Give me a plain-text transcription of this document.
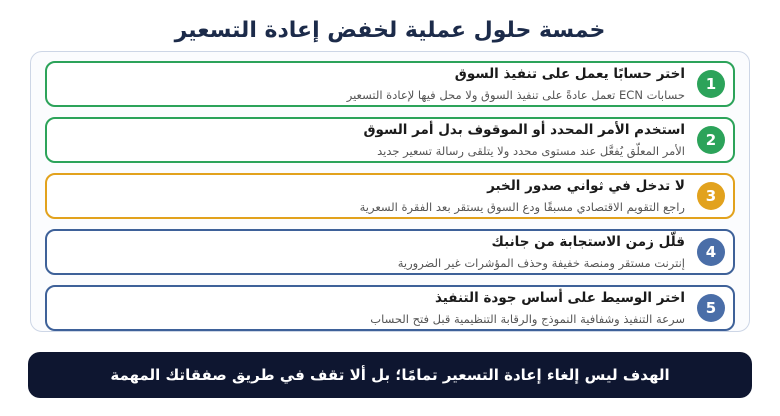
خمسة حلول عملية لخفض إعادة التسعير
1
اختر حسابًا يعمل على تنفيذ السوق
حسابات ECN تعمل عادةً على تنفيذ السوق ولا محل فيها لإعادة التسعير
2
استخدم الأمر المحدد أو الموقوف بدل أمر السوق
الأمر المعلّق يُفعَّل عند مستوى محدد ولا يتلقى رسالة تسعير جديد
3
لا تدخل في ثواني صدور الخبر
راجع التقويم الاقتصادي مسبقًا ودع السوق يستقر بعد الفقرة السعرية
4
قلّل زمن الاستجابة من جانبك
إنترنت مستقر ومنصة خفيفة وحذف المؤشرات غير الضرورية
5
اختر الوسيط على أساس جودة التنفيذ
سرعة التنفيذ وشفافية النموذج والرقابة التنظيمية قبل فتح الحساب
الهدف ليس إلغاء إعادة التسعير تمامًا؛ بل ألا تقف في طريق صفقاتك المهمة
